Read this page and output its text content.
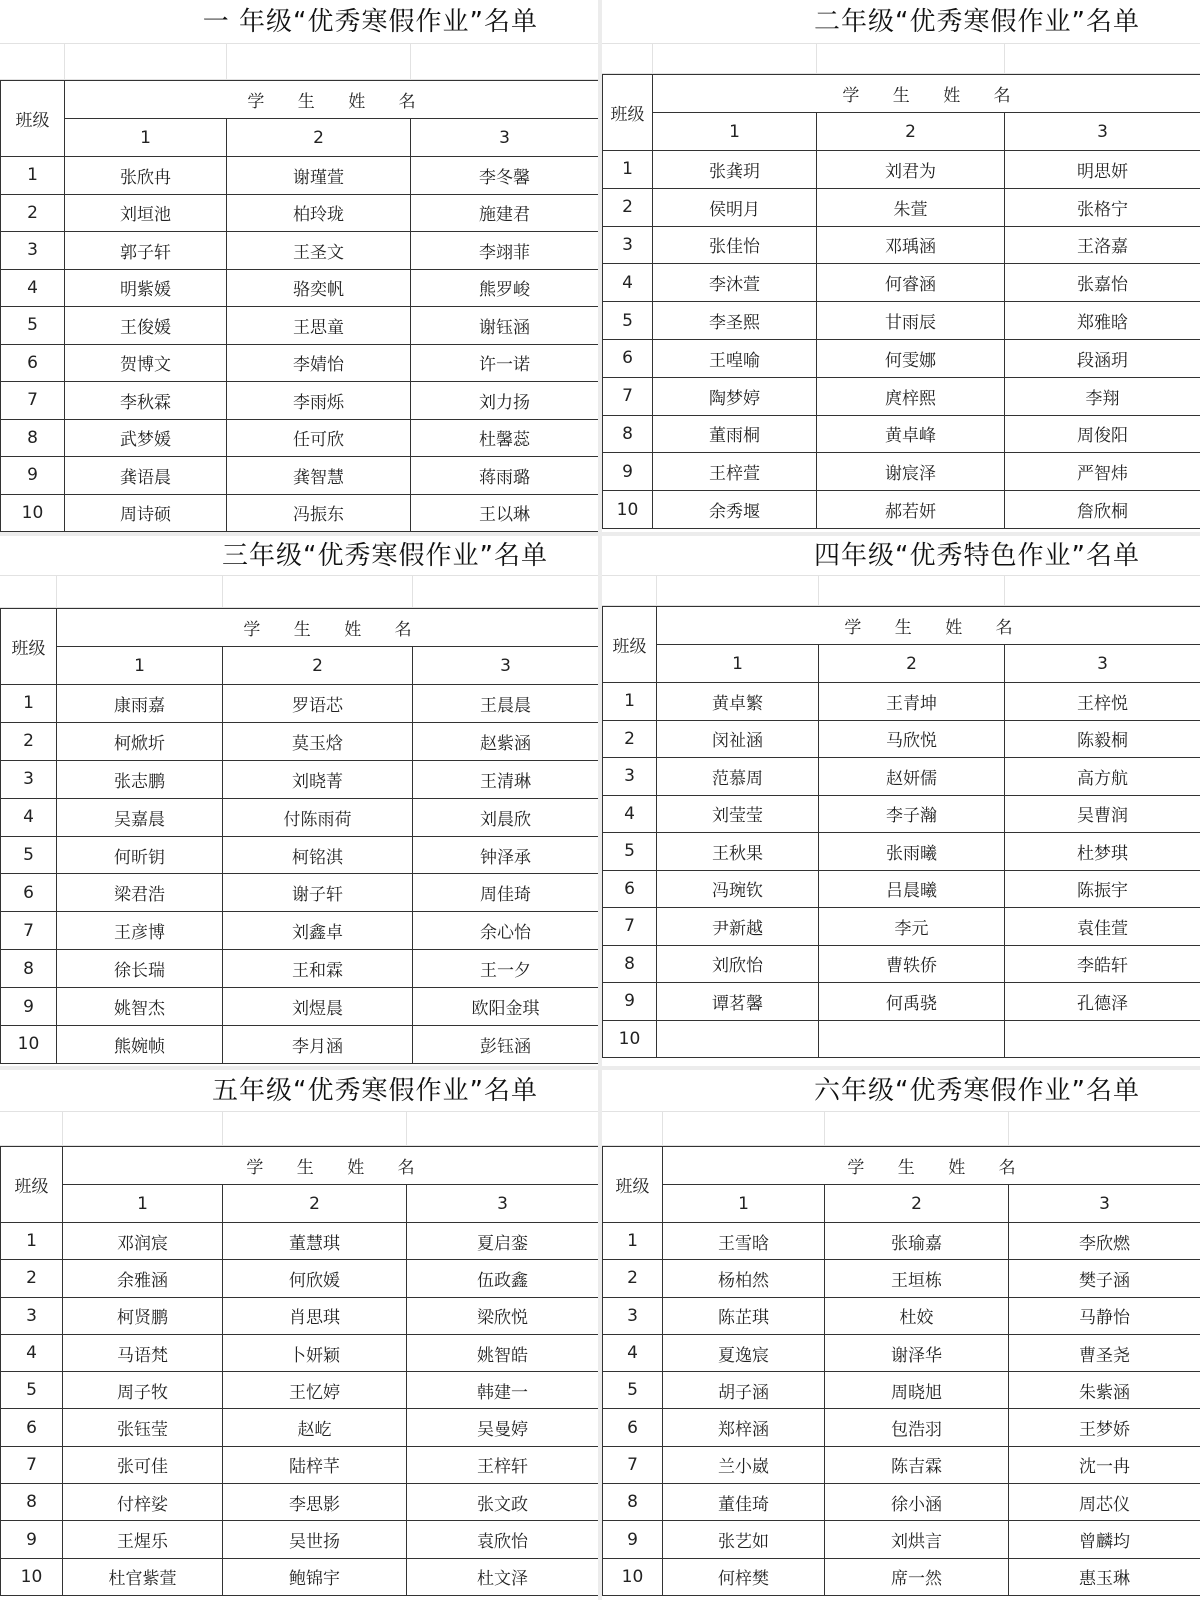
一 年级“优秀寒假作业”名单
班级	学 生 姓 名		
	1	2	3
1	张欣冉	谢瑾萱	李冬馨
2	刘垣池	柏玲珑	施建君
3	郭子轩	王圣文	李翊菲
4	明紫媛	骆奕帆	熊罗峻
5	王俊媛	王思童	谢钰涵
6	贺博文	李婧怡	许一诺
7	李秋霖	李雨烁	刘力扬
8	武梦媛	任可欣	杜馨蕊
9	龚语晨	龚智慧	蒋雨璐
10	周诗硕	冯振东	王以琳
二年级“优秀寒假作业”名单
班级	学 生 姓 名		
	1	2	3
1	张龚玥	刘君为	明思妍
2	侯明月	朱萱	张格宁
3	张佳怡	邓瑀涵	王洛嘉
4	李沐萱	何睿涵	张嘉怡
5	李圣熙	甘雨辰	郑雅晗
6	王喤喻	何雯娜	段涵玥
7	陶梦婷	庹梓熙	李翔
8	董雨桐	黄卓峰	周俊阳
9	王梓萱	谢宸泽	严智炜
10	余秀堰	郝若妍	詹欣桐
三年级“优秀寒假作业”名单
班级	学 生 姓 名		
	1	2	3
1	康雨嘉	罗语芯	王晨晨
2	柯焮圻	莫玉焓	赵紫涵
3	张志鹏	刘晓菁	王清琳
4	吴嘉晨	付陈雨荷	刘晨欣
5	何昕钥	柯铭淇	钟泽承
6	梁君浩	谢子轩	周佳琦
7	王彦博	刘鑫卓	余心怡
8	徐长瑞	王和霖	王一夕
9	姚智杰	刘煜晨	欧阳金琪
10	熊婉帧	李月涵	彭钰涵
四年级“优秀特色作业”名单
班级	学 生 姓 名		
	1	2	3
1	黄卓繁	王青坤	王梓悦
2	闵祉涵	马欣悦	陈毅桐
3	范慕周	赵妍儒	高方航
4	刘莹莹	李子瀚	吴曹润
5	王秋果	张雨曦	杜梦琪
6	冯琬钦	吕晨曦	陈振宇
7	尹新越	李元	袁佳萱
8	刘欣怡	曹轶侨	李皓轩
9	谭茗馨	何禹骁	孔德泽
10			
五年级“优秀寒假作业”名单
班级	学 生 姓 名		
	1	2	3
1	邓润宸	董慧琪	夏启銮
2	余雅涵	何欣媛	伍政鑫
3	柯贤鹏	肖思琪	梁欣悦
4	马语梵	卜妍颖	姚智皓
5	周子牧	王忆婷	韩建一
6	张钰莹	赵屹	吴曼婷
7	张可佳	陆梓芊	王梓轩
8	付梓娑	李思影	张文政
9	王煋乐	吴世扬	袁欣怡
10	杜官紫萱	鲍锦宇	杜文泽
六年级“优秀寒假作业”名单
班级	学 生 姓 名		
	1	2	3
1	王雪晗	张瑜嘉	李欣燃
2	杨柏然	王垣栋	樊子涵
3	陈芷琪	杜姣	马静怡
4	夏逸宸	谢泽华	曹圣尧
5	胡子涵	周晓旭	朱紫涵
6	郑梓涵	包浩羽	王梦娇
7	兰小崴	陈吉霖	沈一冉
8	董佳琦	徐小涵	周芯仪
9	张艺如	刘烘言	曾麟均
10	何梓樊	席一然	惠玉琳
